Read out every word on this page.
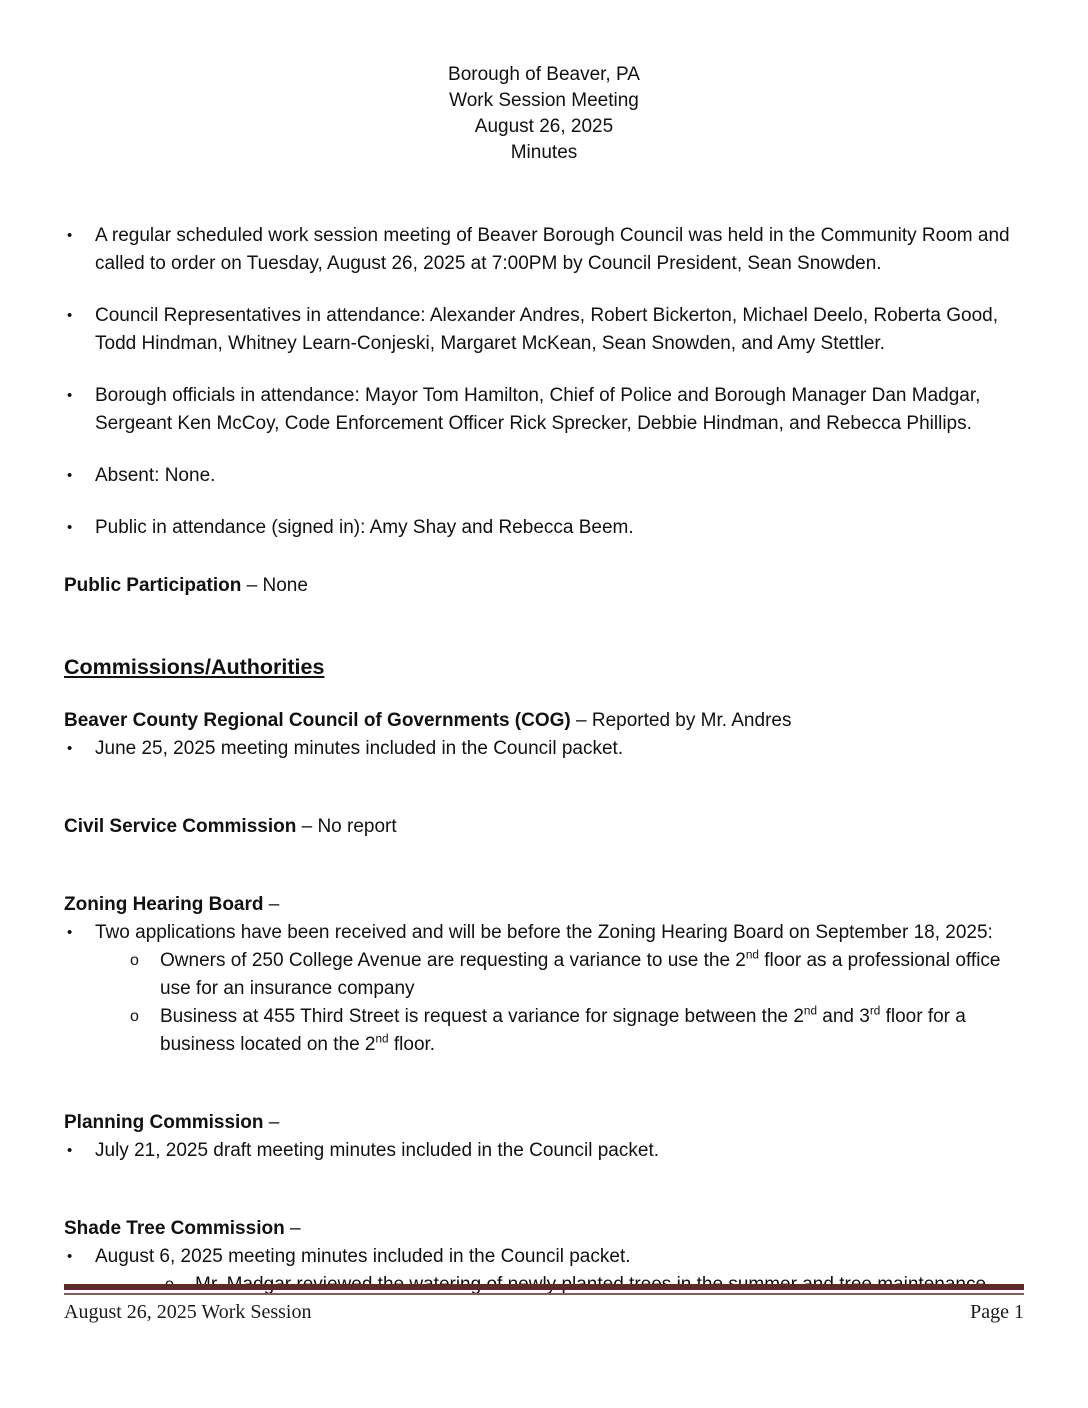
Borough of Beaver, PA
Work Session Meeting
August 26, 2025
Minutes
• A regular scheduled work session meeting of Beaver Borough Council was held in the Community Room and called to order on Tuesday, August 26, 2025 at 7:00PM by Council President, Sean Snowden.
• Council Representatives in attendance: Alexander Andres, Robert Bickerton, Michael Deelo, Roberta Good, Todd Hindman, Whitney Learn-Conjeski, Margaret McKean, Sean Snowden, and Amy Stettler.
• Borough officials in attendance: Mayor Tom Hamilton, Chief of Police and Borough Manager Dan Madgar, Sergeant Ken McCoy, Code Enforcement Officer Rick Sprecker, Debbie Hindman, and Rebecca Phillips.
• Absent: None.
• Public in attendance (signed in): Amy Shay and Rebecca Beem.

Public Participation – None

Commissions/Authorities

Beaver County Regional Council of Governments (COG) – Reported by Mr. Andres

• June 25, 2025 meeting minutes included in the Council packet.

Civil Service Commission – No report

Zoning Hearing Board –

• Two applications have been received and will be before the Zoning Hearing Board on September 18, 2025:
o Owners of 250 College Avenue are requesting a variance to use the 2nd floor as a professional office use for an insurance company
o Business at 455 Third Street is request a variance for signage between the 2nd and 3rd floor for a business located on the 2nd floor.

Planning Commission –

• July 21, 2025 draft meeting minutes included in the Council packet.

Shade Tree Commission –

• August 6, 2025 meeting minutes included in the Council packet.
o Mr. Madgar reviewed the watering of newly planted trees in the summer and tree maintenance.
August 26, 2025 Work Session	Page 1
